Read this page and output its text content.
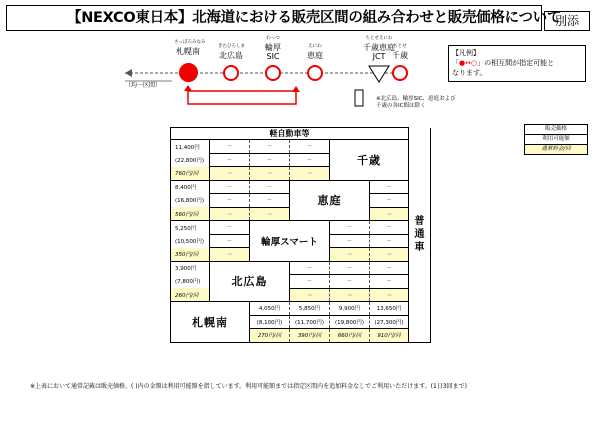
【NEXCO東日本】北海道における販売区間の組み合わせと販売価格について
別添
【凡例】
「●↔○」の相互間が指定可能と
なります。
（均一区間）
さっぽろみなみ
札幌南
きたひろしま
北広島
わっつ
輪厚
SIC
えにわ
恵庭
ちとせえにわ
千歳恵庭
JCT
ちとせ
千歳
※北広島、輪厚SIC、恵庭および
千歳の各IC間は除く
軽自動車等						普
通
車
11,400円	－	－	－	千歳		
(22,800円)	－	－	－			
760円/回	－	－	－			
8,400円	－	－	恵庭		－	
(16,800円)	－	－			－	
560円/回	－	－			－	
5,250円	－	輪厚スマート		－	－	
(10,500円)	－			－	－	
350円/回	－			－	－	
3,900円	北広島		－	－	－	
(7,800円)			－	－	－	
260円/回			－	－	－	
札幌南		4,050円	5,850円	9,900円	13,650円	
		(8,100円)	(11,700円)	(19,800円)	(27,300円)	
		270円/回	390円/回	660円/回	910円/回	
販売価格
利用可能額
通常料金/回
※上表において通常記載は販売価格、( )内の金額は利用可能額を指しています。利用可能額までは指定区間内を追加料金なしでご利用いただけます。(1日3回まで)
